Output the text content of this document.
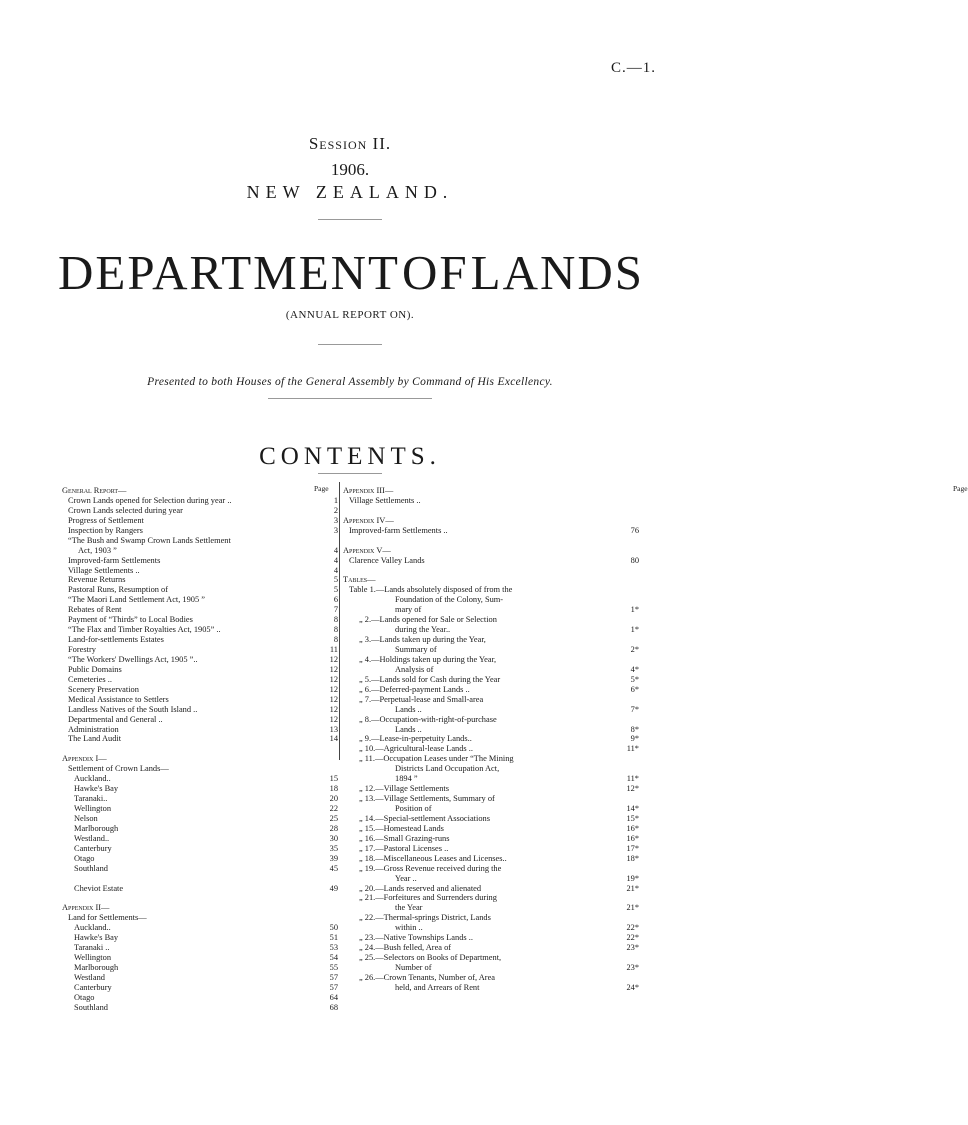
C.—1.
Session II.
1906.
NEW ZEALAND.
DEPARTMENT OF LANDS
(ANNUAL REPORT ON).
Presented to both Houses of the General Assembly by Command of His Excellency.
CONTENTS.
Page
General Report—
Crown Lands opened for Selection during year ..	1
Crown Lands selected during year	2
Progress of Settlement	3
Inspection by Rangers	3
“The Bush and Swamp Crown Lands Settlement
Act, 1903 ”	4
Improved-farm Settlements	4
Village Settlements ..	4
Revenue Returns	5
Pastoral Runs, Resumption of	5
“The Maori Land Settlement Act, 1905 ”	6
Rebates of Rent	7
Payment of “Thirds” to Local Bodies	8
“The Flax and Timber Royalties Act, 1905” ..	8
Land-for-settlements Estates	8
Forestry	11
“The Workers' Dwellings Act, 1905 ”..	12
Public Domains	12
Cemeteries ..	12
Scenery Preservation	12
Medical Assistance to Settlers	12
Landless Natives of the South Island ..	12
Departmental and General ..	12
Administration	13
The Land Audit	14
Appendix I—
Settlement of Crown Lands—
Auckland..	15
Hawke's Bay	18
Taranaki..	20
Wellington	22
Nelson	25
Marlborough	28
Westland..	30
Canterbury	35
Otago	39
Southland	45
Cheviot Estate	49
Appendix II—
Land for Settlements—
Auckland..	50
Hawke's Bay	51
Taranaki ..	53
Wellington	54
Marlborough	55
Westland	57
Canterbury	57
Otago	64
Southland	68
Page
Appendix III—
Village Settlements ..
Appendix IV—
Improved-farm Settlements ..	76
Appendix V—
Clarence Valley Lands	80
Tables—
Table 1.—Lands absolutely disposed of from the
Foundation of the Colony, Sum-
mary of	1*
„ 2.—Lands opened for Sale or Selection
during the Year..	1*
„ 3.—Lands taken up during the Year,
Summary of	2*
„ 4.—Holdings taken up during the Year,
Analysis of	4*
„ 5.—Lands sold for Cash during the Year	5*
„ 6.—Deferred-payment Lands ..	6*
„ 7.—Perpetual-lease and Small-area
Lands ..	7*
„ 8.—Occupation-with-right-of-purchase
Lands ..	8*
„ 9.—Lease-in-perpetuity Lands..	9*
„ 10.—Agricultural-lease Lands ..	11*
„ 11.—Occupation Leases under “The Mining
Districts Land Occupation Act,
1894 ”	11*
„ 12.—Village Settlements	12*
„ 13.—Village Settlements, Summary of
Position of	14*
„ 14.—Special-settlement Associations	15*
„ 15.—Homestead Lands	16*
„ 16.—Small Grazing-runs	16*
„ 17.—Pastoral Licenses ..	17*
„ 18.—Miscellaneous Leases and Licenses..	18*
„ 19.—Gross Revenue received during the
Year ..	19*
„ 20.—Lands reserved and alienated	21*
„ 21.—Forfeitures and Surrenders during
the Year	21*
„ 22.—Thermal-springs District, Lands
within ..	22*
„ 23.—Native Townships Lands ..	22*
„ 24.—Bush felled, Area of	23*
„ 25.—Selectors on Books of Department,
Number of	23*
„ 26.—Crown Tenants, Number of, Area
held, and Arrears of Rent	24*
